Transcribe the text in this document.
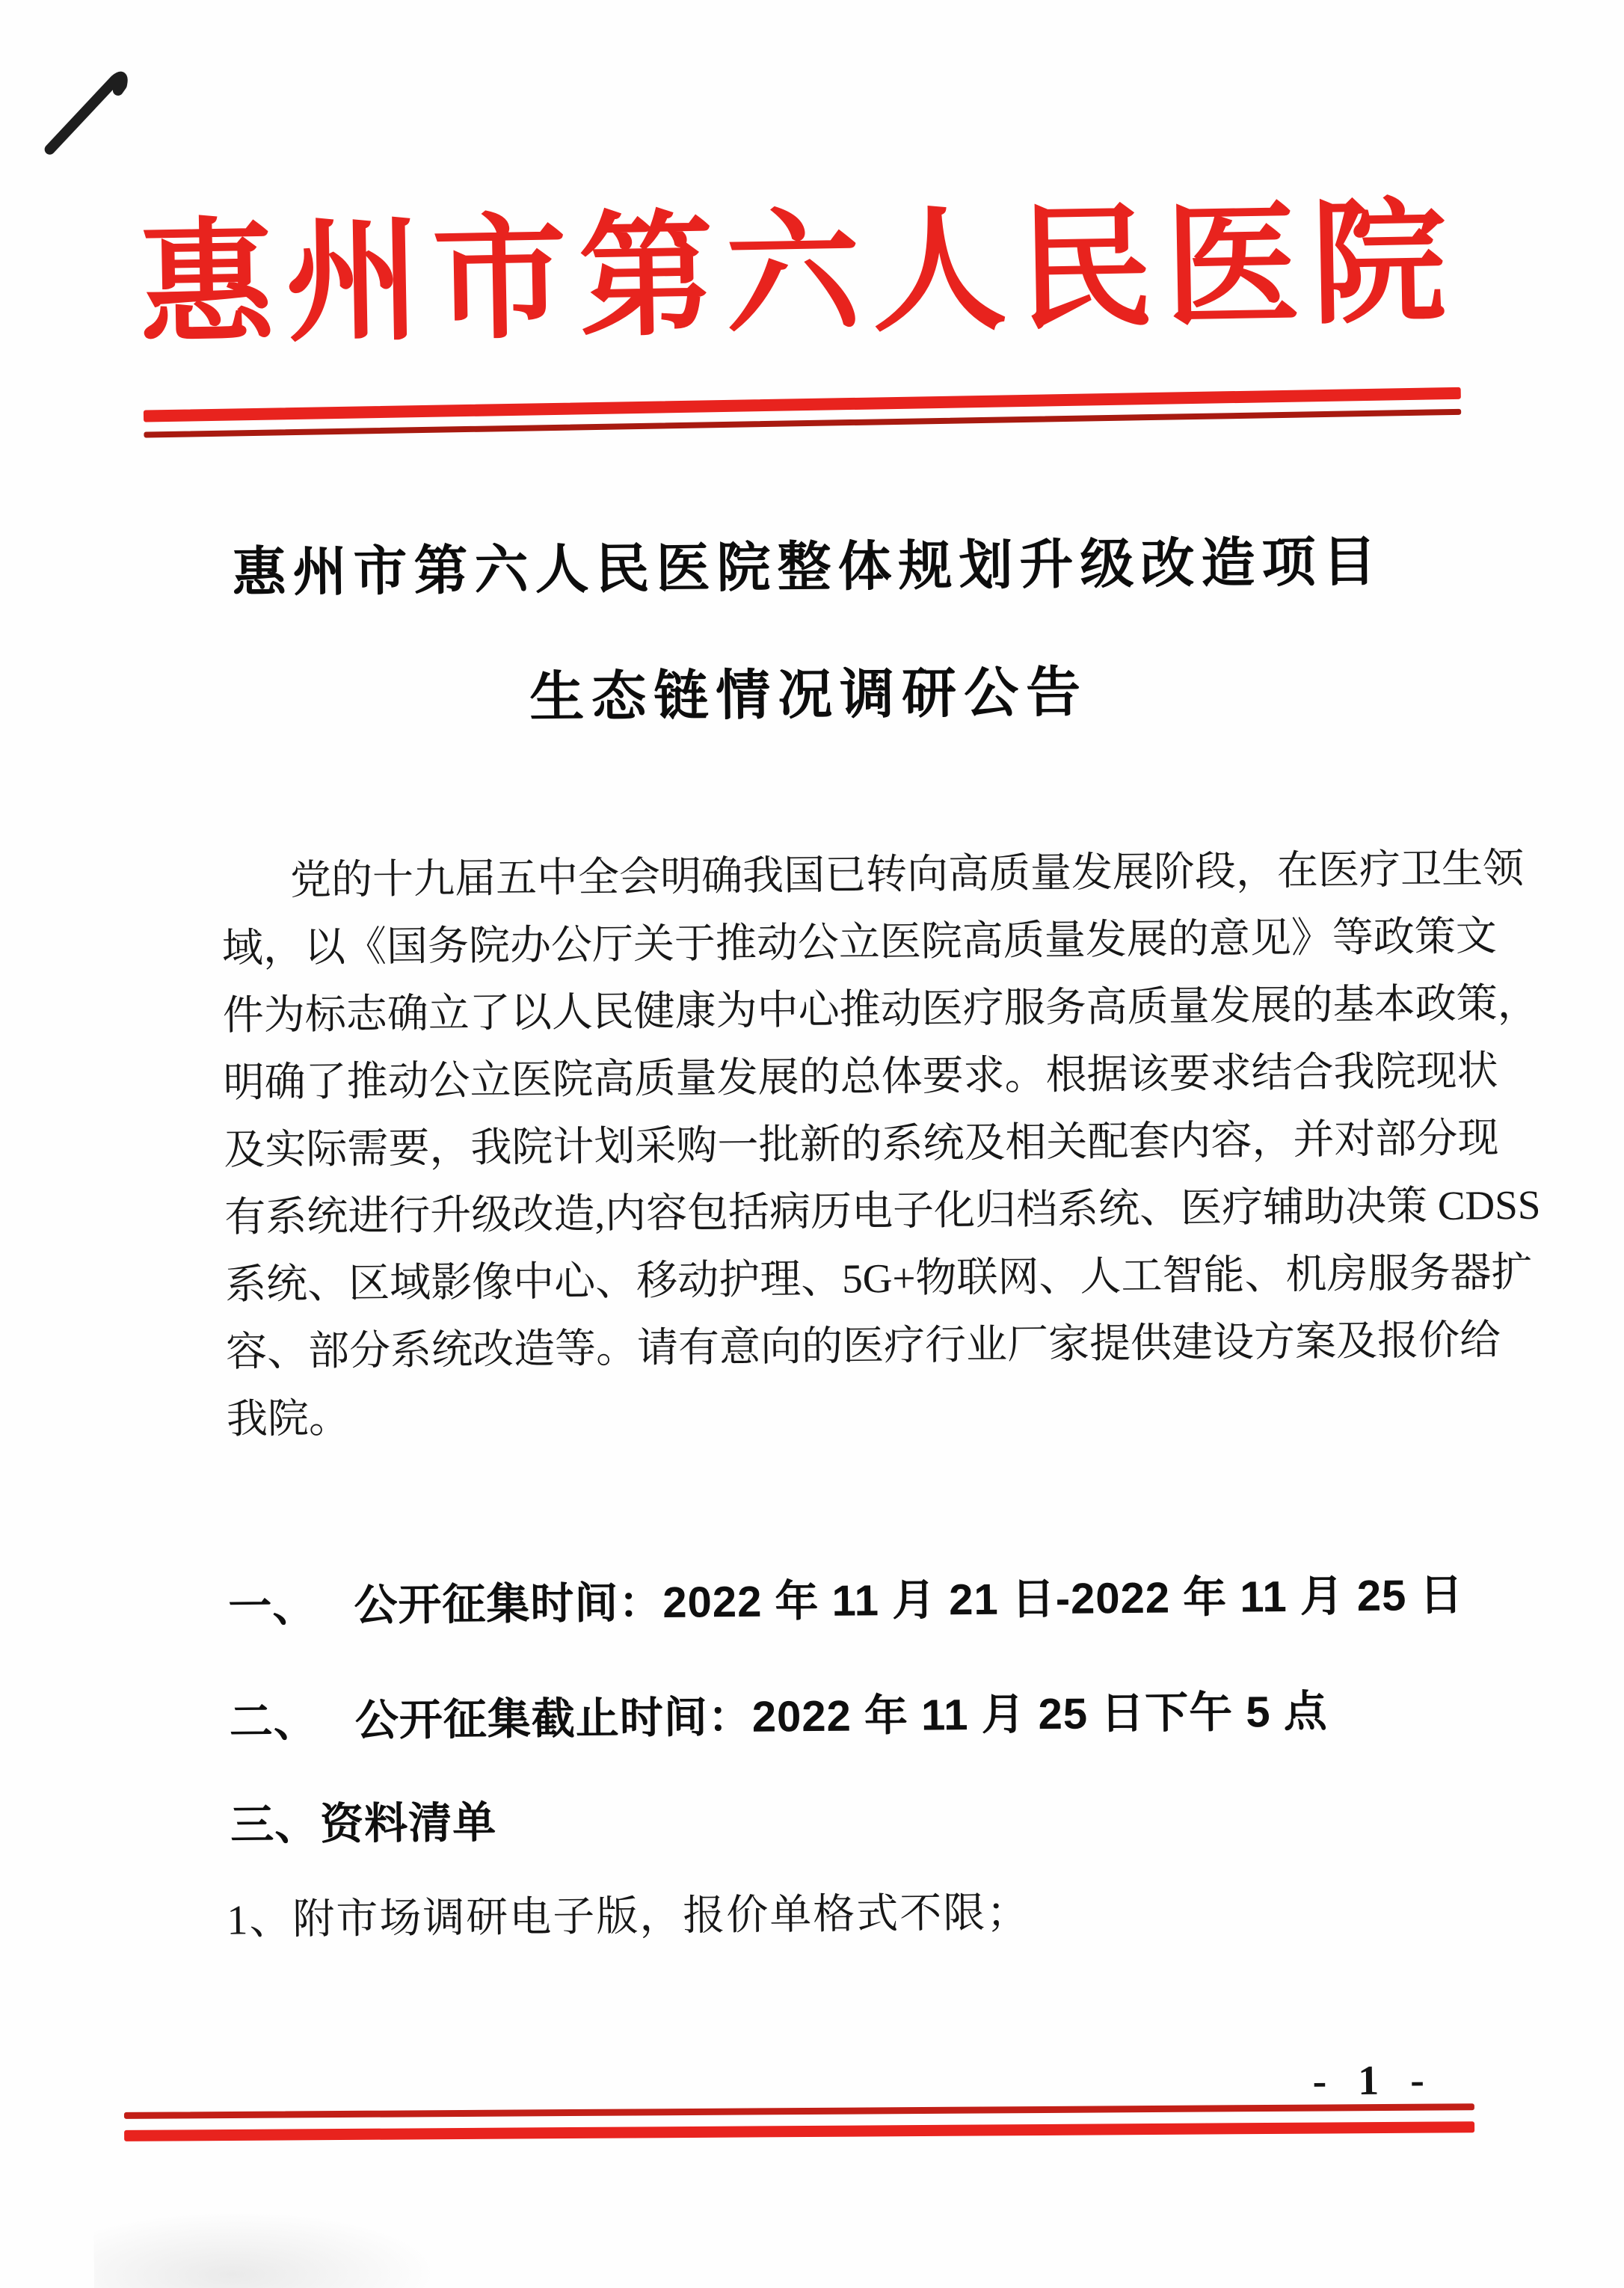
惠州市第六人民医院
惠州市第六人民医院整体规划升级改造项目
生态链情况调研公告
党的十九届五中全会明确我国已转向高质量发展阶段，在医疗卫生领
域，以《国务院办公厅关于推动公立医院高质量发展的意见》等政策文
件为标志确立了以人民健康为中心推动医疗服务高质量发展的基本政策，
明确了推动公立医院高质量发展的总体要求。根据该要求结合我院现状
及实际需要，我院计划采购一批新的系统及相关配套内容，并对部分现
有系统进行升级改造,内容包括病历电子化归档系统、医疗辅助决策 CDSS
系统、区域影像中心、移动护理、5G+物联网、人工智能、机房服务器扩
容、部分系统改造等。请有意向的医疗行业厂家提供建设方案及报价给
我院。
一、 公开征集时间：2022 年 11 月 21 日-2022 年 11 月 25 日
二、 公开征集截止时间：2022 年 11 月 25 日下午 5 点
三、资料清单
1、附市场调研电子版，报价单格式不限；
- 1 -
